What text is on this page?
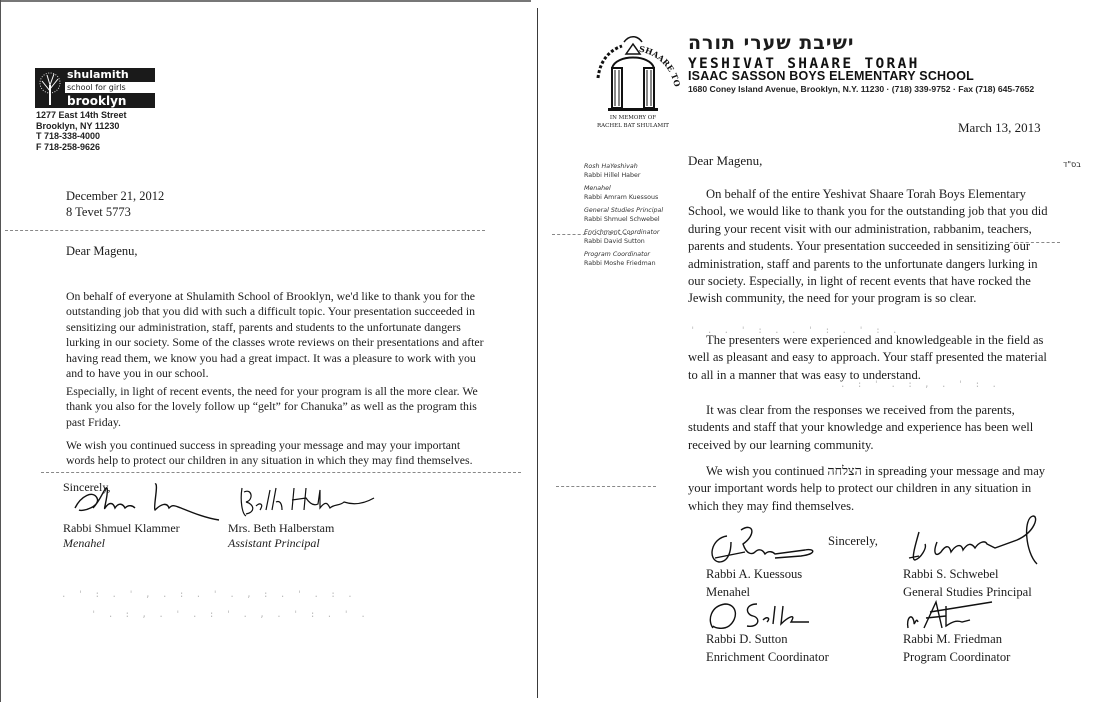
. ' : . ' , . : . ' . , : . ' . : .
' . : , . ' . : ' . , . ' : . ' .
shulamith
school for girls
brooklyn
1277 East 14th Street
Brooklyn, NY 11230
T 718-338-4000
F 718-258-9626
December 21, 2012
8 Tevet 5773
Dear Magenu,
On behalf of everyone at Shulamith School of Brooklyn, we'd like to thank you for the outstanding job that you did with such a difficult topic. Your presentation succeeded in sensitizing our administration, staff, parents and students to the unfortunate dangers lurking in our society. Some of the classes wrote reviews on their presentations and after having read them, we know you had a great impact. It was a pleasure to work with you and to have you in our school.
Especially, in light of recent events, the need for your program is all the more clear. We thank you also for the lovely follow up “gelt” for Chanuka” as well as the program this past Friday.
We wish you continued success in spreading your message and may your important words help to protect our children in any situation in which they may find themselves.
Sincerely,
Rabbi Shmuel Klammer
Menahel
Mrs. Beth Halberstam
Assistant Principal
' . . ' : . . ' : . ' : .
. : ' . : , . ' : .
SHAARE TO
IN MEMORY OF
RACHEL BAT SHULAMIT
ישיבת שערי תורה
YESHIVAT SHAARE TORAH
ISAAC SASSON BOYS ELEMENTARY SCHOOL
1680 Coney Island Avenue, Brooklyn, N.Y. 11230 · (718) 339-9752 · Fax (718) 645-7652
Rosh HaYeshivah
Rabbi Hillel Haber
Menahel
Rabbi Amram Kuessous
General Studies Principal
Rabbi Shmuel Schwebel
Enrichment Coordinator
Rabbi David Sutton
Program Coordinator
Rabbi Moshe Friedman
March 13, 2013
Dear Magenu,	בס"ד
On behalf of the entire Yeshivat Shaare Torah Boys Elementary School, we would like to thank you for the outstanding job that you did during your recent visit with our administration, rabbanim, teachers, parents and students. Your presentation succeeded in sensitizing our administration, staff and parents to the unfortunate dangers lurking in our society. Especially, in light of recent events that have rocked the Jewish community, the need for your program is so clear.
The presenters were experienced and knowledgeable in the field as well as pleasant and easy to approach. Your staff presented the material to all in a manner that was easy to understand.
It was clear from the responses we received from the parents, students and staff that your knowledge and experience has been well received by our learning community.
We wish you continued הצלחה in spreading your message and may your important words help to protect our children in any situation in which they may find themselves.
Sincerely,
Rabbi A. Kuessous
Menahel
Rabbi S. Schwebel
General Studies Principal
Rabbi D. Sutton
Enrichment Coordinator
Rabbi M. Friedman
Program Coordinator
